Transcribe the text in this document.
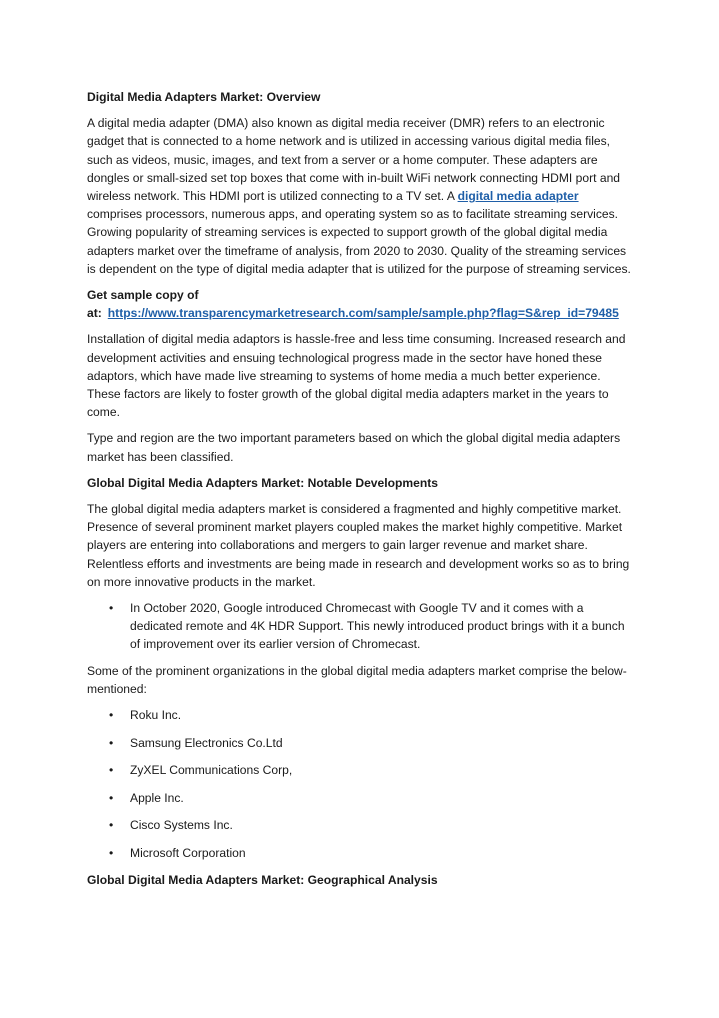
Digital Media Adapters Market: Overview

A digital media adapter (DMA) also known as digital media receiver (DMR) refers to an electronic gadget that is connected to a home network and is utilized in accessing various digital media files, such as videos, music, images, and text from a server or a home computer. These adapters are dongles or small-sized set top boxes that come with in-built WiFi network connecting HDMI port and wireless network. This HDMI port is utilized connecting to a TV set. A digital media adapter comprises processors, numerous apps, and operating system so as to facilitate streaming services. Growing popularity of streaming services is expected to support growth of the global digital media adapters market over the timeframe of analysis, from 2020 to 2030. Quality of the streaming services is dependent on the type of digital media adapter that is utilized for the purpose of streaming services.

Get sample copy of
at: https://www.transparencymarketresearch.com/sample/sample.php?flag=S&rep_id=79485

Installation of digital media adaptors is hassle-free and less time consuming. Increased research and development activities and ensuing technological progress made in the sector have honed these adaptors, which have made live streaming to systems of home media a much better experience. These factors are likely to foster growth of the global digital media adapters market in the years to come.

Type and region are the two important parameters based on which the global digital media adapters market has been classified.

Global Digital Media Adapters Market: Notable Developments

The global digital media adapters market is considered a fragmented and highly competitive market. Presence of several prominent market players coupled makes the market highly competitive. Market players are entering into collaborations and mergers to gain larger revenue and market share. Relentless efforts and investments are being made in research and development works so as to bring on more innovative products in the market.

• In October 2020, Google introduced Chromecast with Google TV and it comes with a dedicated remote and 4K HDR Support. This newly introduced product brings with it a bunch of improvement over its earlier version of Chromecast.

Some of the prominent organizations in the global digital media adapters market comprise the below-mentioned:

• Roku Inc.
• Samsung Electronics Co.Ltd
• ZyXEL Communications Corp,
• Apple Inc.
• Cisco Systems Inc.
• Microsoft Corporation
Global Digital Media Adapters Market: Geographical Analysis
